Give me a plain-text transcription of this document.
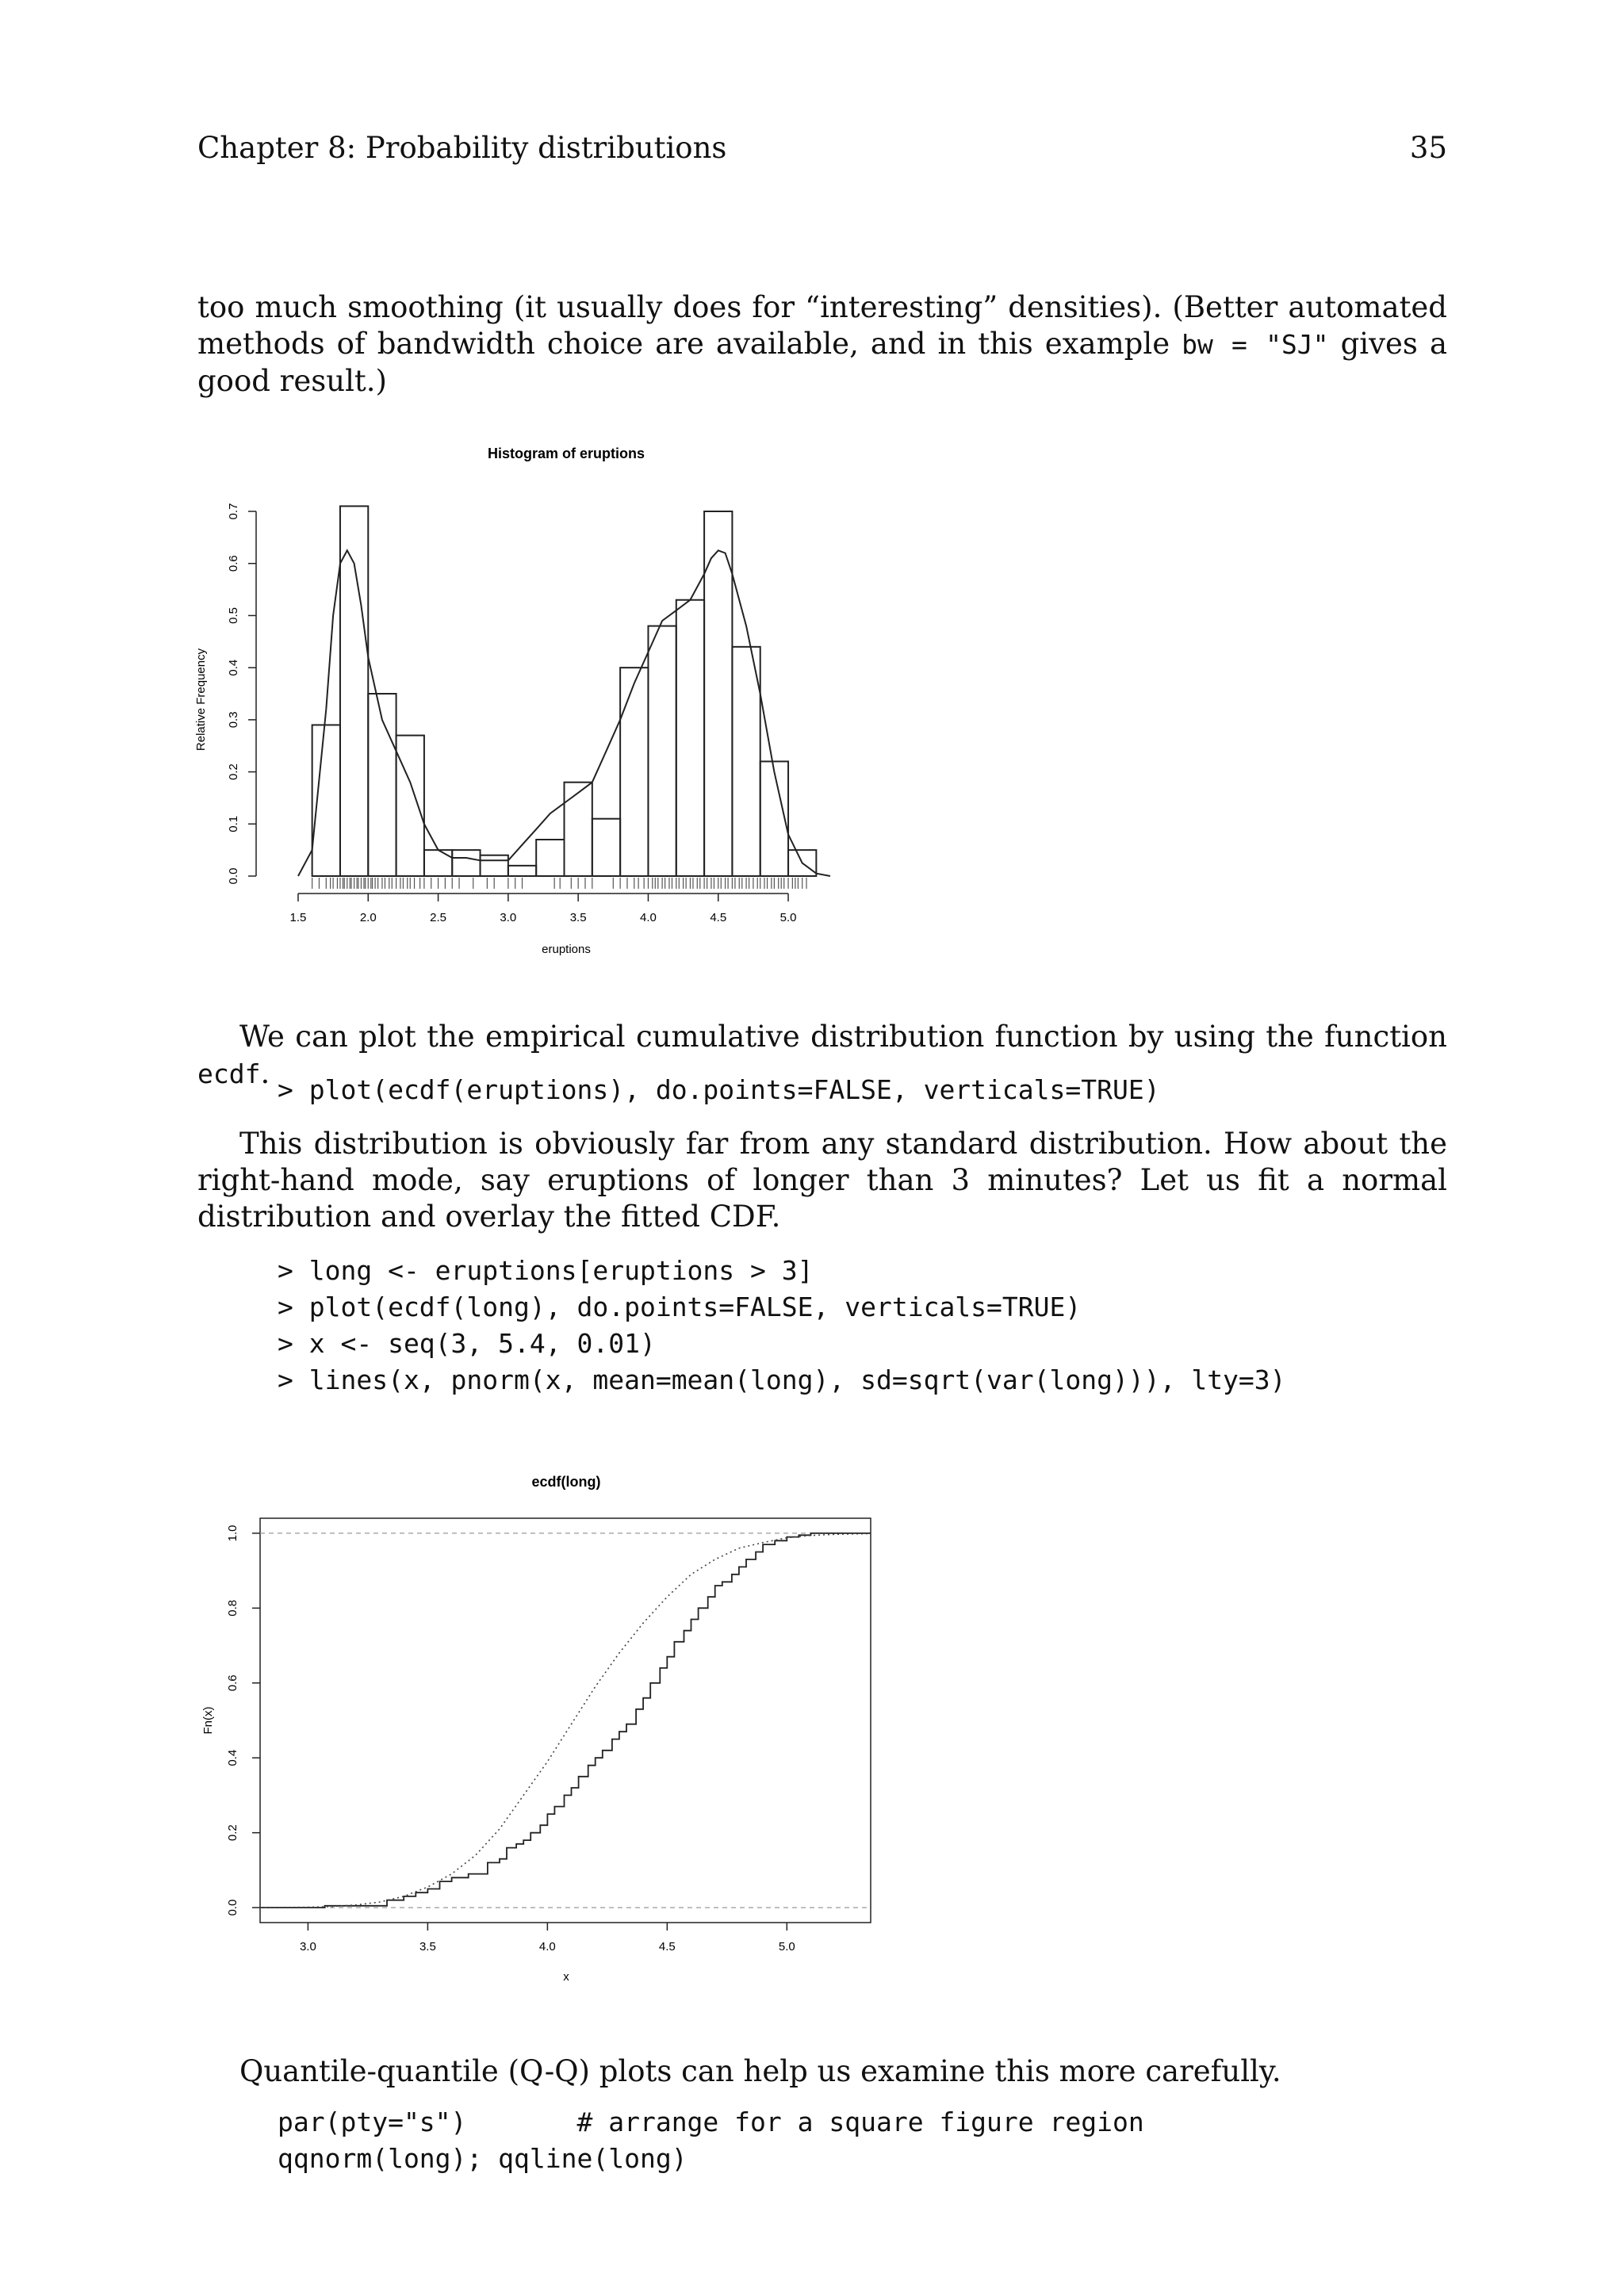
Chapter 8: Probability distributions	35
too much smoothing (it usually does for “interesting” densities). (Better automated methods of bandwidth choice are available, and in this example bw = "SJ" gives a good result.)
Histogram of eruptions
1.5	2.0	2.5	3.0	3.5	4.0	4.5	5.0
eruptions
0.0
0.1
0.2
0.3
0.4
0.5
0.6
0.7
Relative Frequency
We can plot the empirical cumulative distribution function by using the function ecdf. > plot(ecdf(eruptions), do.points=FALSE, verticals=TRUE)
This distribution is obviously far from any standard distribution. How about the right-hand mode, say eruptions of longer than 3 minutes? Let us fit a normal distribution and overlay the fitted CDF.
> long <- eruptions[eruptions > 3]
> plot(ecdf(long), do.points=FALSE, verticals=TRUE)
> x <- seq(3, 5.4, 0.01)
> lines(x, pnorm(x, mean=mean(long), sd=sqrt(var(long))), lty=3)
ecdf(long)
3.0	3.5	4.0	4.5	5.0
x
0.0
0.2
0.4
0.6
0.8
1.0
Fn(x)
Quantile-quantile (Q-Q) plots can help us examine this more carefully.
par(pty="s")       # arrange for a square figure region
qqnorm(long); qqline(long)
